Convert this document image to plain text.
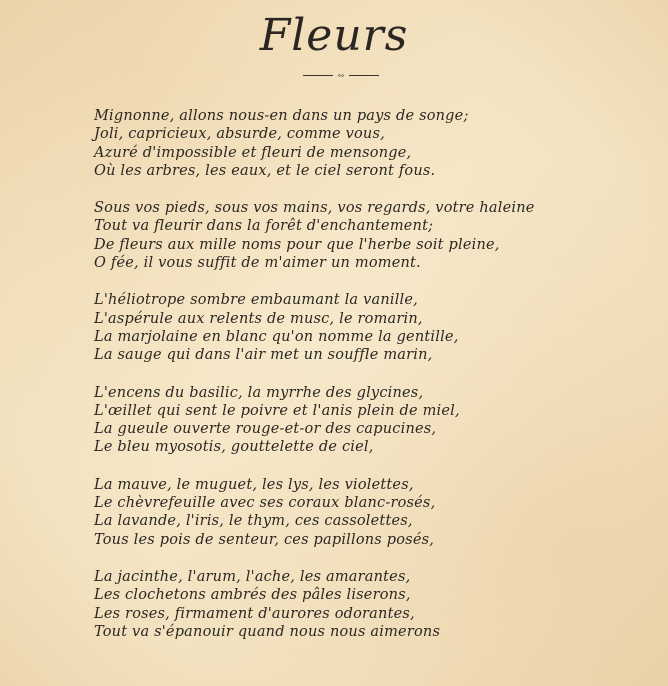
Fleurs
∾
Mignonne, allons nous-en dans un pays de songe;
Joli, capricieux, absurde, comme vous,
Azuré d'impossible et fleuri de mensonge,
Où les arbres, les eaux, et le ciel seront fous.
Sous vos pieds, sous vos mains, vos regards, votre haleine
Tout va fleurir dans la forêt d'enchantement;
De fleurs aux mille noms pour que l'herbe soit pleine,
O fée, il vous suffit de m'aimer un moment.
L'héliotrope sombre embaumant la vanille,
L'aspérule aux relents de musc, le romarin,
La marjolaine en blanc qu'on nomme la gentille,
La sauge qui dans l'air met un souffle marin,
L'encens du basilic, la myrrhe des glycines,
L'œillet qui sent le poivre et l'anis plein de miel,
La gueule ouverte rouge-et-or des capucines,
Le bleu myosotis, gouttelette de ciel,
La mauve, le muguet, les lys, les violettes,
Le chèvrefeuille avec ses coraux blanc-rosés,
La lavande, l'iris, le thym, ces cassolettes,
Tous les pois de senteur, ces papillons posés,
La jacinthe, l'arum, l'ache, les amarantes,
Les clochetons ambrés des pâles liserons,
Les roses, firmament d'aurores odorantes,
Tout va s'épanouir quand nous nous aimerons
